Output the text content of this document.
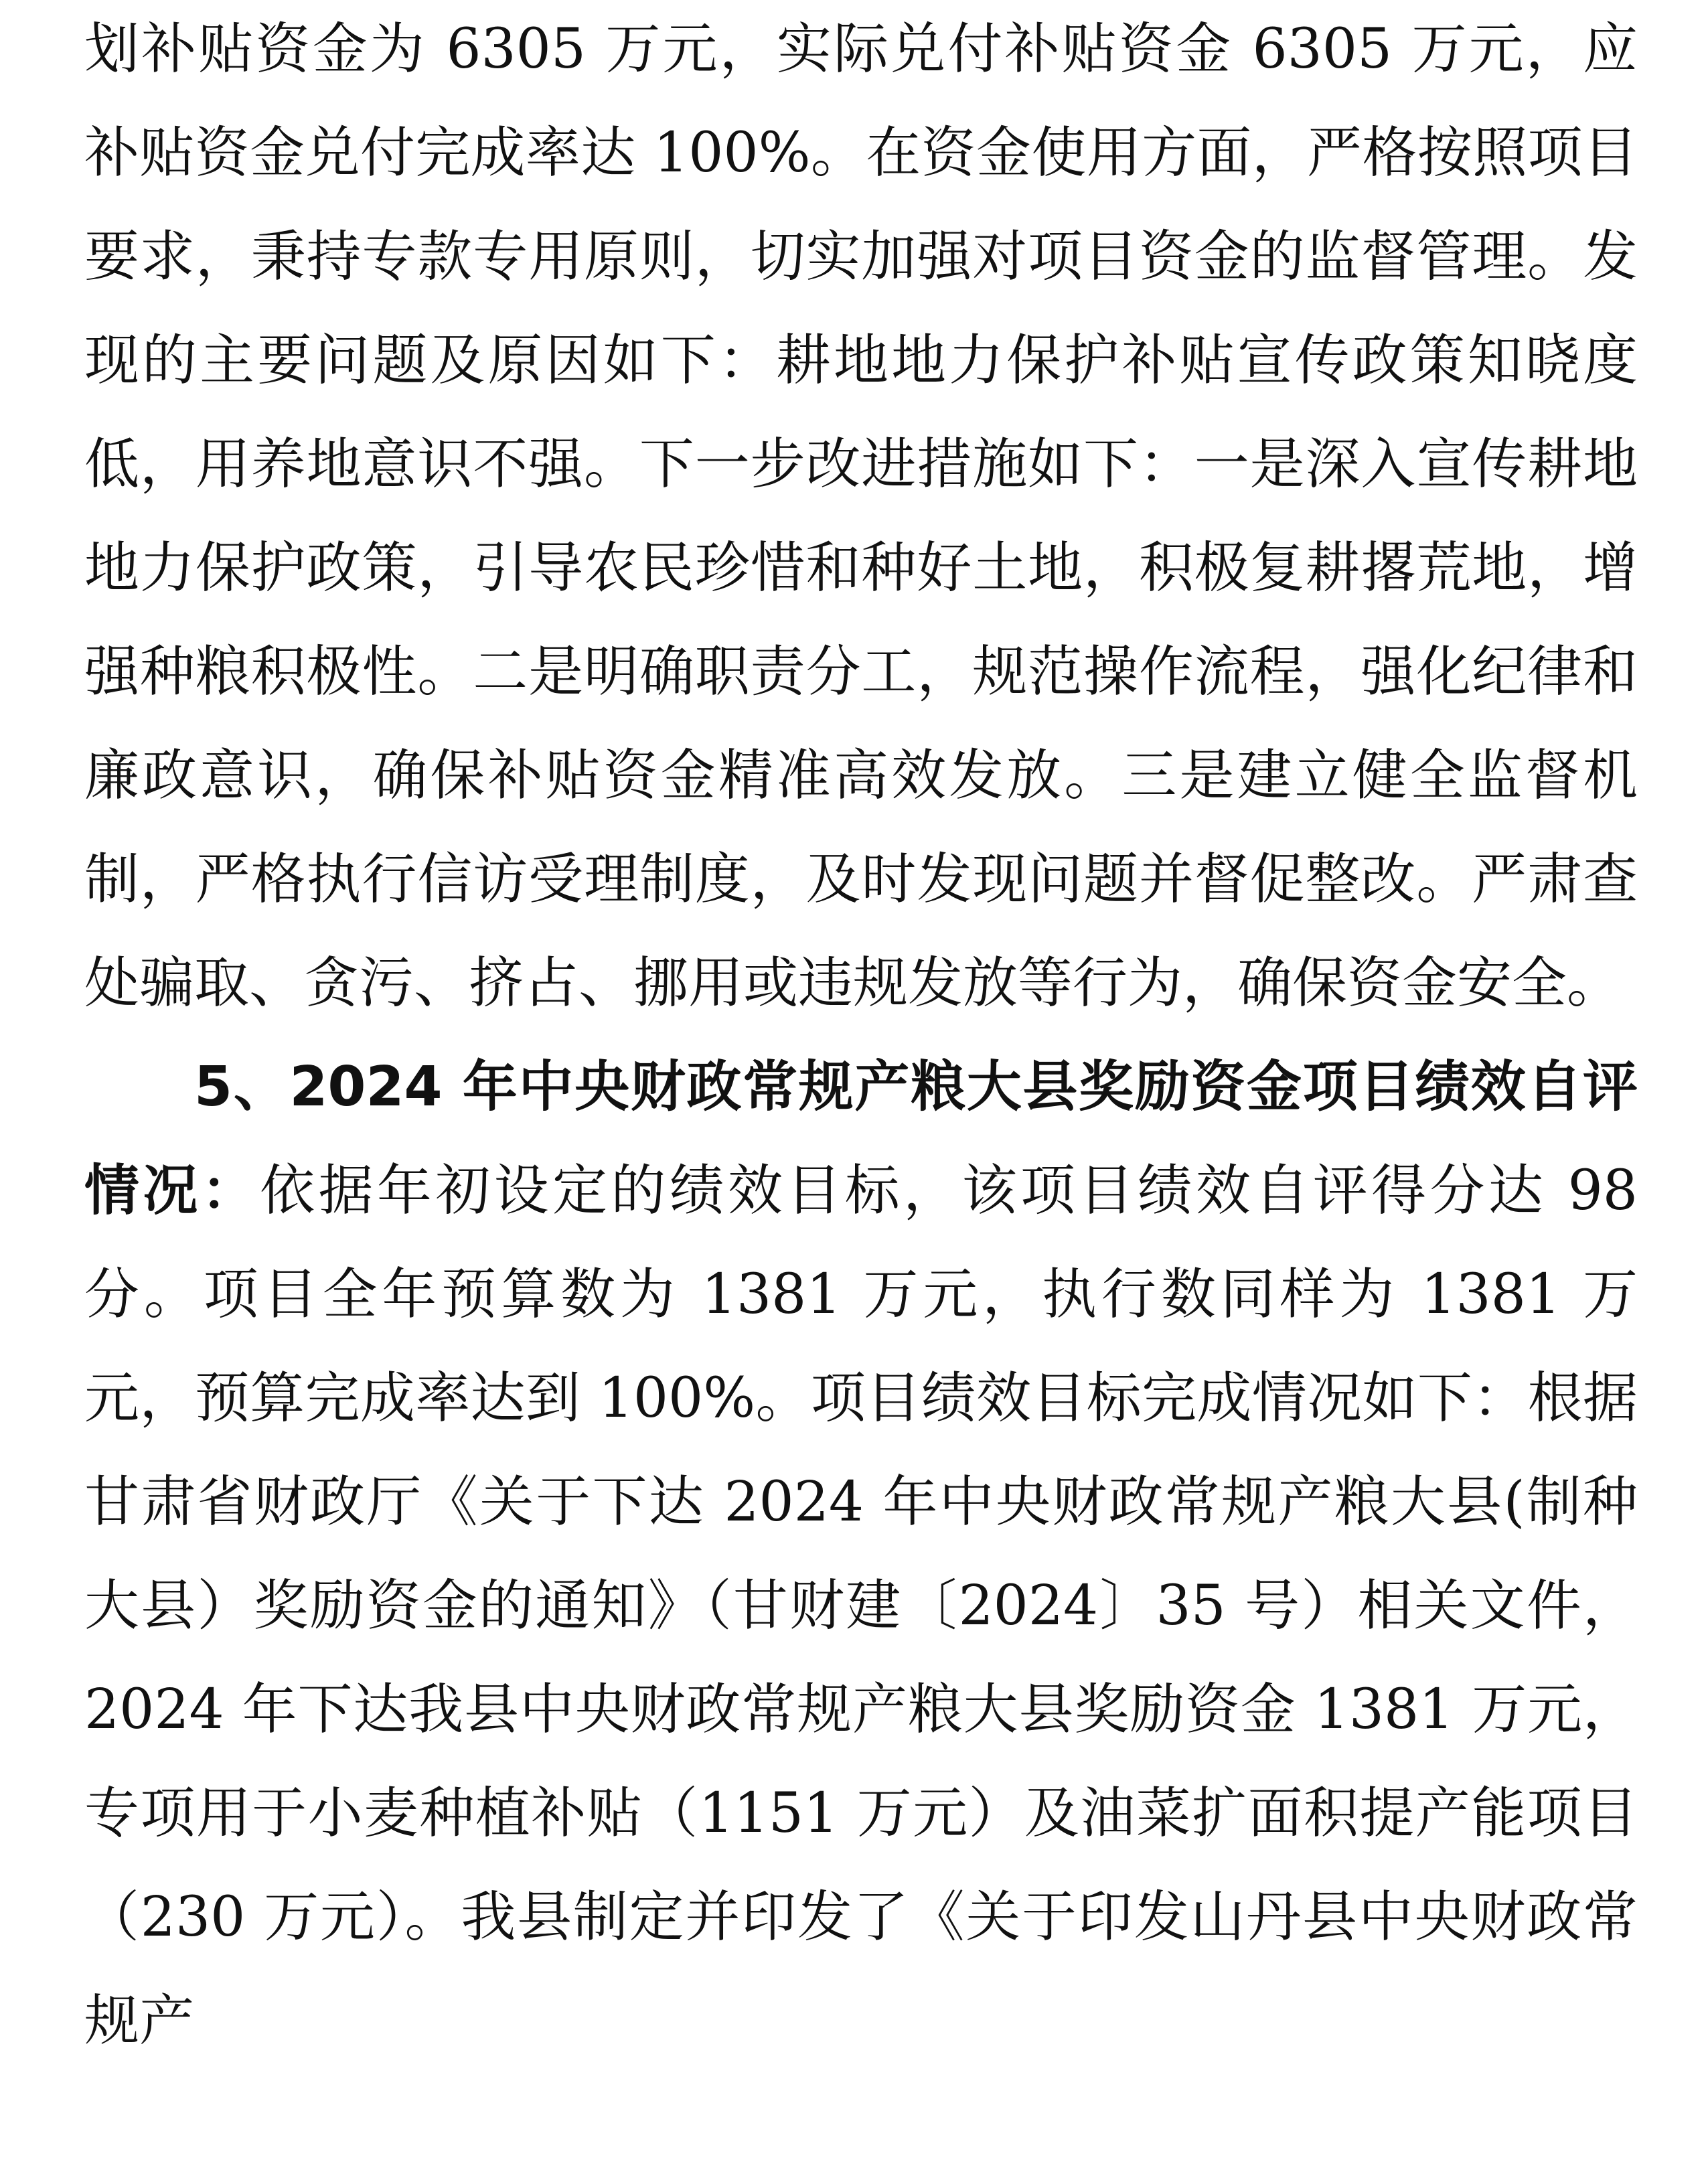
划补贴资金为 6305 万元，实际兑付补贴资金 6305 万元，应补贴资金兑付完成率达 100%。在资金使用方面，严格按照项目要求，秉持专款专用原则，切实加强对项目资金的监督管理。发现的主要问题及原因如下：耕地地力保护补贴宣传政策知晓度低，用养地意识不强。下一步改进措施如下：一是深入宣传耕地地力保护政策，引导农民珍惜和种好土地，积极复耕撂荒地，增强种粮积极性。二是明确职责分工，规范操作流程，强化纪律和廉政意识，确保补贴资金精准高效发放。三是建立健全监督机制，严格执行信访受理制度，及时发现问题并督促整改。严肃查处骗取、贪污、挤占、挪用或违规发放等行为，确保资金安全。

5、2024 年中央财政常规产粮大县奖励资金项目绩效自评情况：依据年初设定的绩效目标，该项目绩效自评得分达 98 分。项目全年预算数为 1381 万元，执行数同样为 1381 万元，预算完成率达到 100%。项目绩效目标完成情况如下：根据甘肃省财政厅《关于下达 2024 年中央财政常规产粮大县(制种大县）奖励资金的通知》（甘财建〔2024〕35 号）相关文件，2024 年下达我县中央财政常规产粮大县奖励资金 1381 万元，专项用于小麦种植补贴（1151 万元）及油菜扩面积提产能项目（230 万元）。我县制定并印发了《关于印发山丹县中央财政常规产
